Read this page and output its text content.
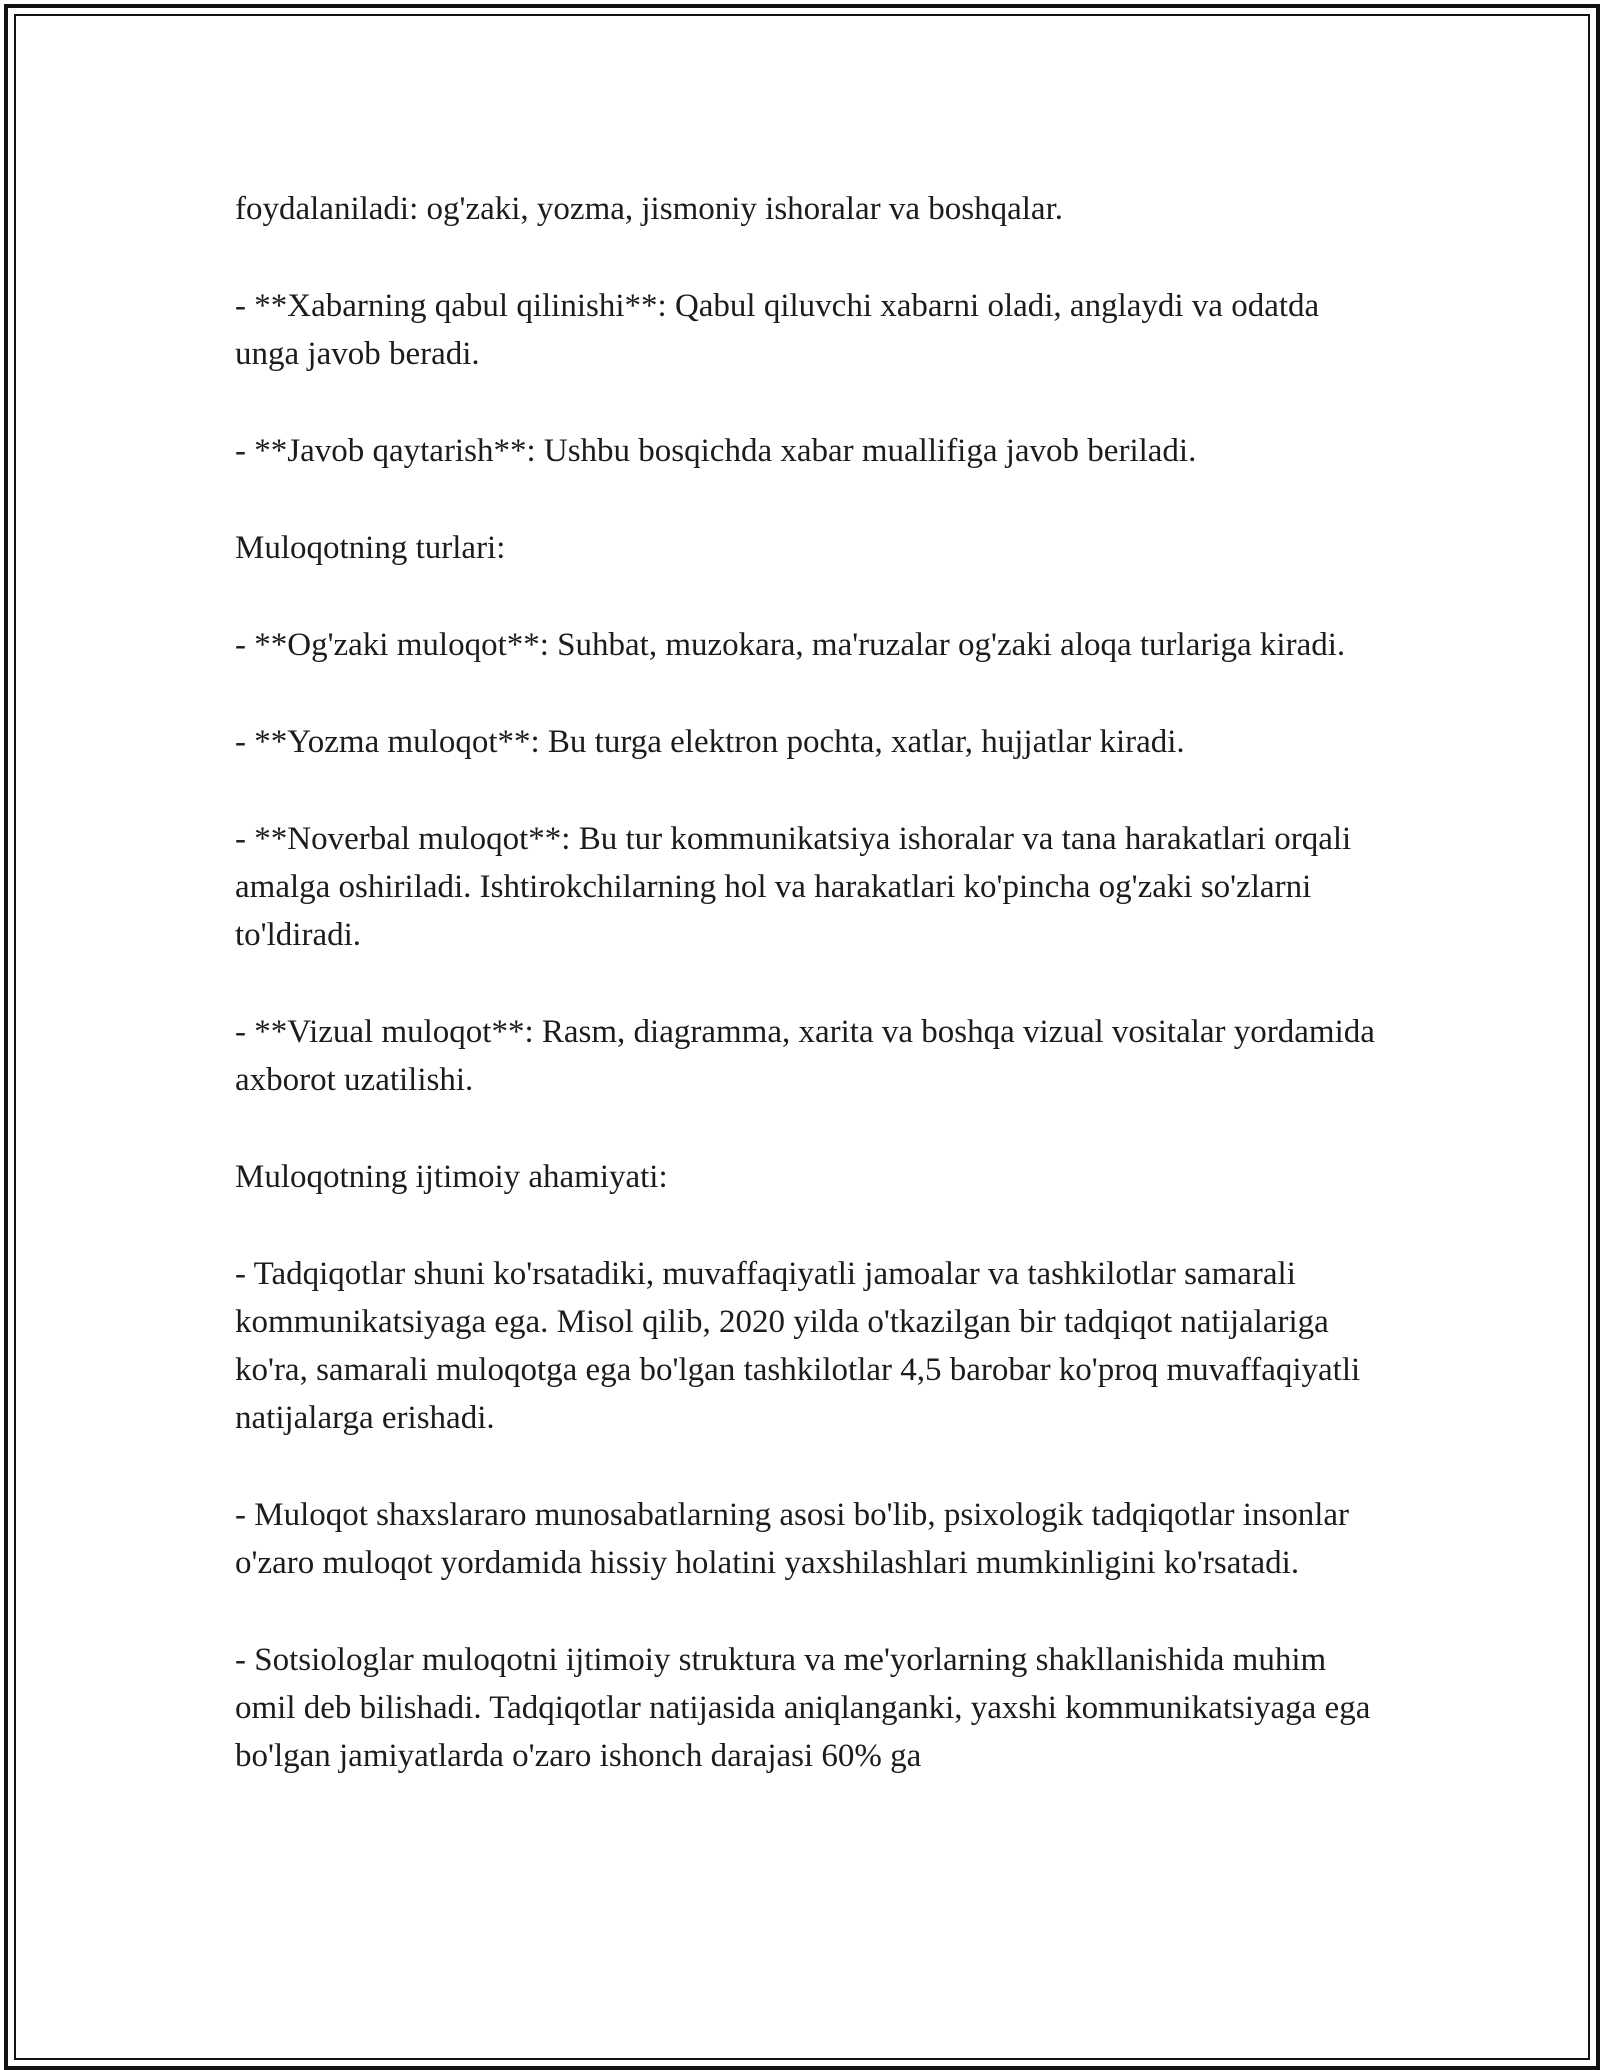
foydalaniladi: og'zaki, yozma, jismoniy ishoralar va boshqalar.

- **Xabarning qabul qilinishi**: Qabul qiluvchi xabarni oladi, anglaydi va odatda unga javob beradi.

- **Javob qaytarish**: Ushbu bosqichda xabar muallifiga javob beriladi.

Muloqotning turlari:

- **Og'zaki muloqot**: Suhbat, muzokara, ma'ruzalar og'zaki aloqa turlariga kiradi.

- **Yozma muloqot**: Bu turga elektron pochta, xatlar, hujjatlar kiradi.

- **Noverbal muloqot**: Bu tur kommunikatsiya ishoralar va tana harakatlari orqali amalga oshiriladi. Ishtirokchilarning hol va harakatlari ko'pincha og'zaki so'zlarni to'ldiradi.

- **Vizual muloqot**: Rasm, diagramma, xarita va boshqa vizual vositalar yordamida axborot uzatilishi.

Muloqotning ijtimoiy ahamiyati:

- Tadqiqotlar shuni ko'rsatadiki, muvaffaqiyatli jamoalar va tashkilotlar samarali kommunikatsiyaga ega. Misol qilib, 2020 yilda o'tkazilgan bir tadqiqot natijalariga ko'ra, samarali muloqotga ega bo'lgan tashkilotlar 4,5 barobar ko'proq muvaffaqiyatli natijalarga erishadi.

- Muloqot shaxslararo munosabatlarning asosi bo'lib, psixologik tadqiqotlar insonlar o'zaro muloqot yordamida hissiy holatini yaxshilashlari mumkinligini ko'rsatadi.

- Sotsiologlar muloqotni ijtimoiy struktura va me'yorlarning shakllanishida muhim omil deb bilishadi. Tadqiqotlar natijasida aniqlanganki, yaxshi kommunikatsiyaga ega bo'lgan jamiyatlarda o'zaro ishonch darajasi 60% ga
